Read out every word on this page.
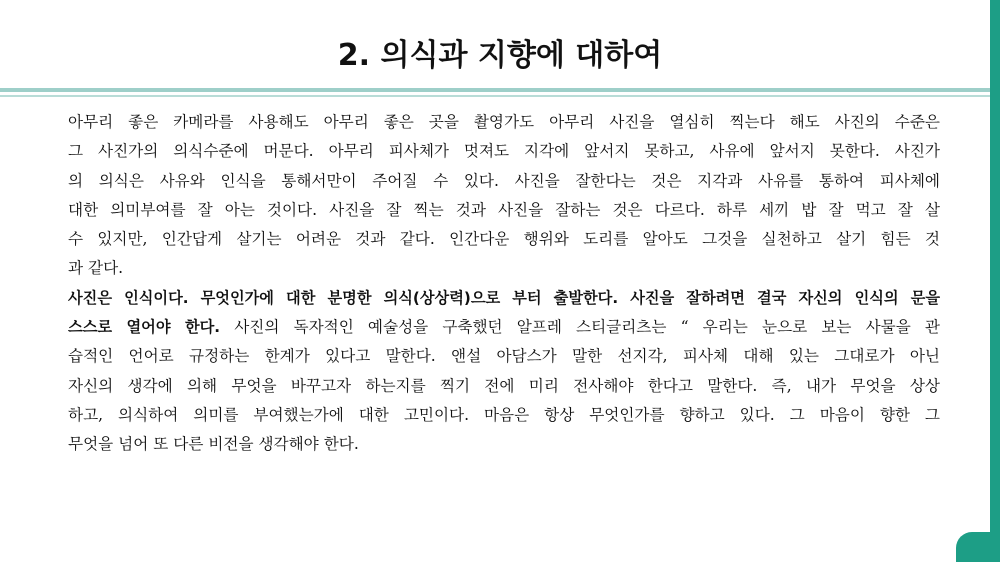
2. 의식과 지향에 대하여
아무리 좋은 카메라를 사용해도 아무리 좋은 곳을 촬영가도 아무리 사진을 열심히 찍는다 해도 사진의 수준은
그 사진가의 의식수준에 머문다. 아무리 피사체가 멋져도 지각에 앞서지 못하고, 사유에 앞서지 못한다. 사진가
의 의식은 사유와 인식을 통해서만이 주어질 수 있다. 사진을 잘한다는 것은 지각과 사유를 통하여 피사체에
대한 의미부여를 잘 아는 것이다. 사진을 잘 찍는 것과 사진을 잘하는 것은 다르다. 하루 세끼 밥 잘 먹고 잘 살
수 있지만, 인간답게 살기는 어려운 것과 같다. 인간다운 행위와 도리를 알아도 그것을 실천하고 살기 힘든 것
과 같다.
사진은 인식이다. 무엇인가에 대한 분명한 의식(상상력)으로 부터 출발한다. 사진을 잘하려면 결국 자신의 인식의 문을
스스로 열어야 한다. 사진의 독자적인 예술성을 구축했던 알프레 스티글리츠는 “ 우리는 눈으로 보는 사물을 관
습적인 언어로 규정하는 한계가 있다고 말한다. 앤설 아담스가 말한 선지각, 피사체 대해 있는 그대로가 아닌
자신의 생각에 의해 무엇을 바꾸고자 하는지를 찍기 전에 미리 전사해야 한다고 말한다. 즉, 내가 무엇을 상상
하고, 의식하여 의미를 부여했는가에 대한 고민이다. 마음은 항상 무엇인가를 향하고 있다. 그 마음이 향한 그
무엇을 넘어 또 다른 비전을 생각해야 한다.
